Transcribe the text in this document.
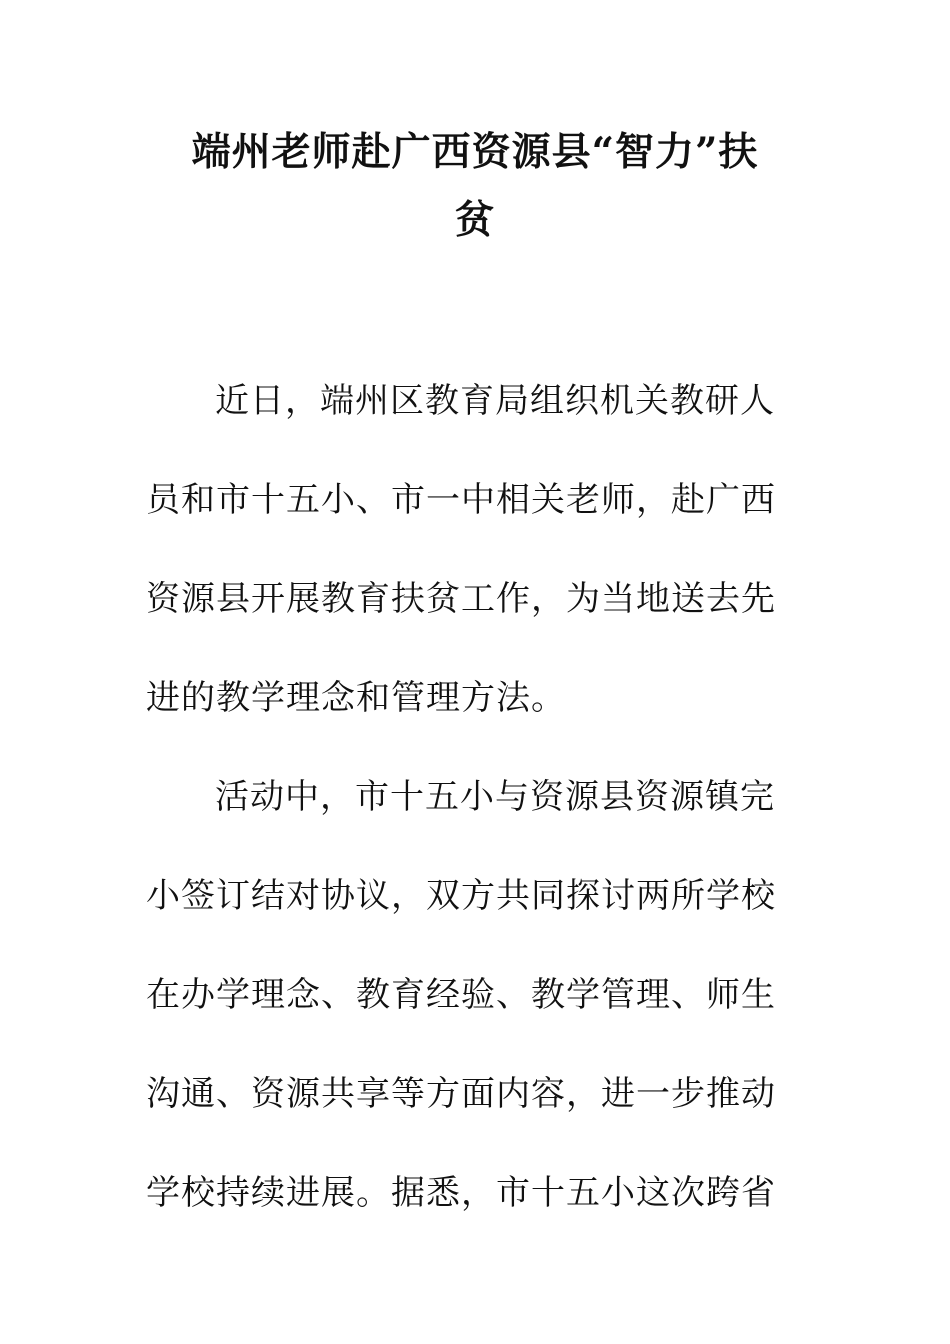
端州老师赴广西资源县“智力”扶
贫
近日，端州区教育局组织机关教研人
员和市十五小、市一中相关老师，赴广西
资源县开展教育扶贫工作，为当地送去先
进的教学理念和管理方法。
活动中，市十五小与资源县资源镇完
小签订结对协议，双方共同探讨两所学校
在办学理念、教育经验、教学管理、师生
沟通、资源共享等方面内容，进一步推动
学校持续进展。据悉，市十五小这次跨省
